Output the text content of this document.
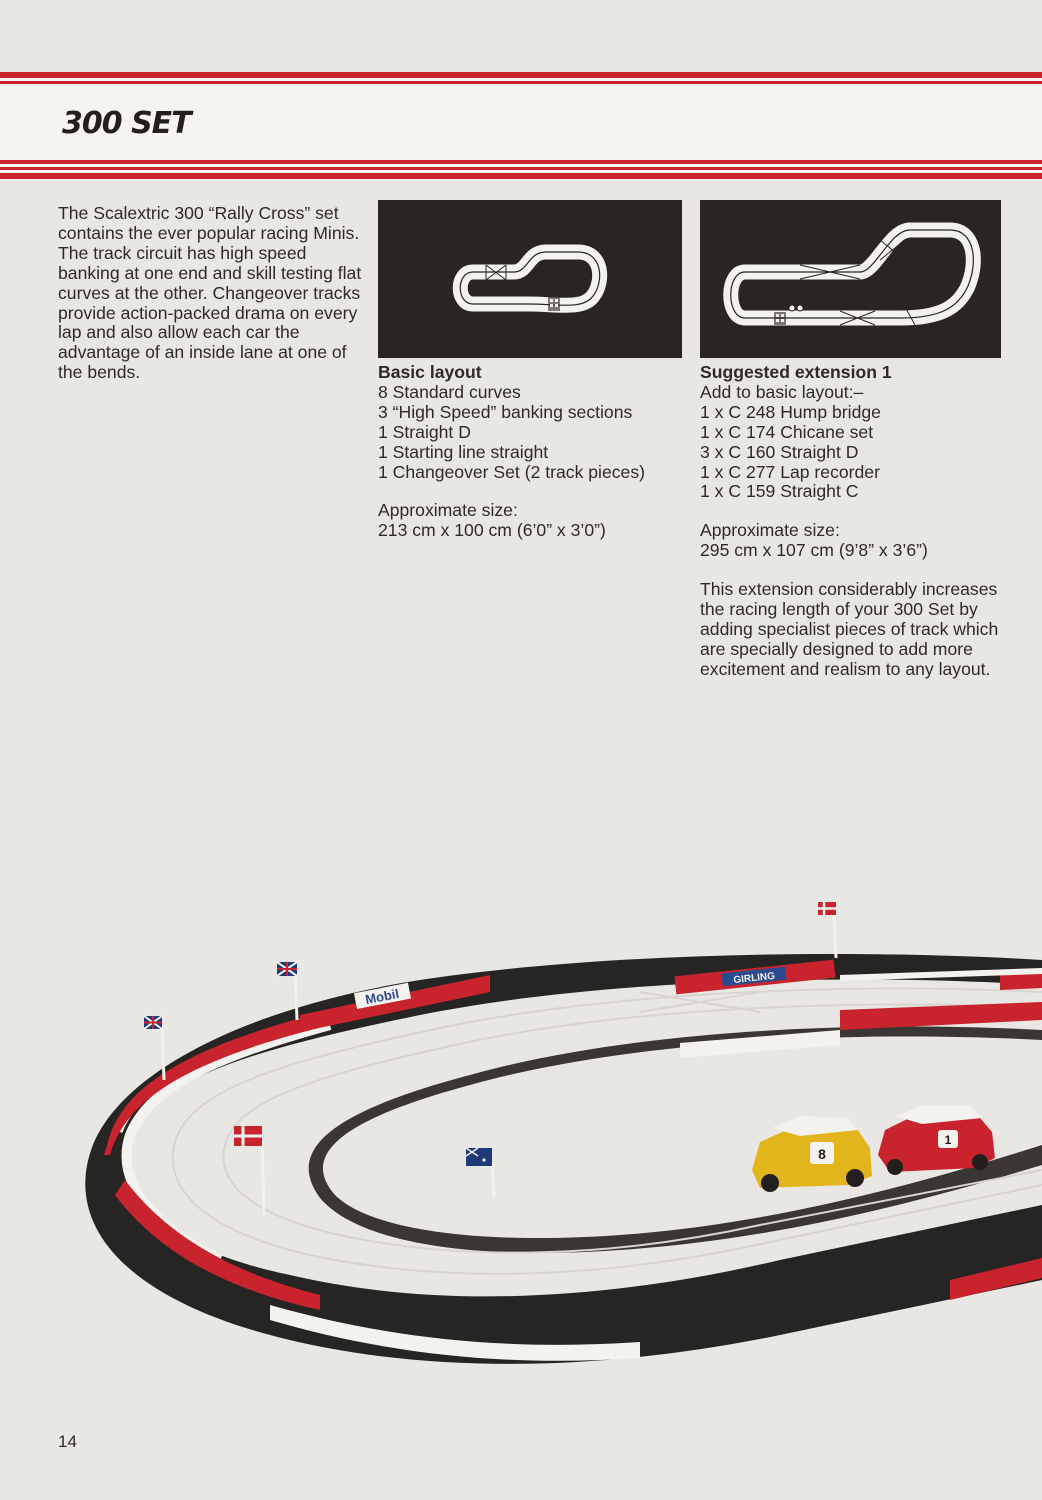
300 SET

The Scalextric 300 “Rally Cross” set contains the ever popular racing Minis. The track circuit has high speed banking at one end and skill testing flat curves at the other. Changeover tracks provide action-packed drama on every lap and also allow each car the advantage of an inside lane at one of the bends.	Basic layout
8 Standard curves
3 “High Speed” banking sections
1 Straight D
1 Starting line straight
1 Changeover Set (2 track pieces)
Approximate size:
213 cm x 100 cm (6’0” x 3’0”)
Suggested extension 1
Add to basic layout:–
1 x C 248 Hump bridge
1 x C 174 Chicane set
3 x C 160 Straight D
1 x C 277 Lap recorder
1 x C 159 Straight C
Approximate size:
295 cm x 107 cm (9’8” x 3’6”)
This extension considerably increases the racing length of your 300 Set by adding specialist pieces of track which are specially designed to add more excitement and realism to any layout.
Mobil
GIRLING
8
1
14
